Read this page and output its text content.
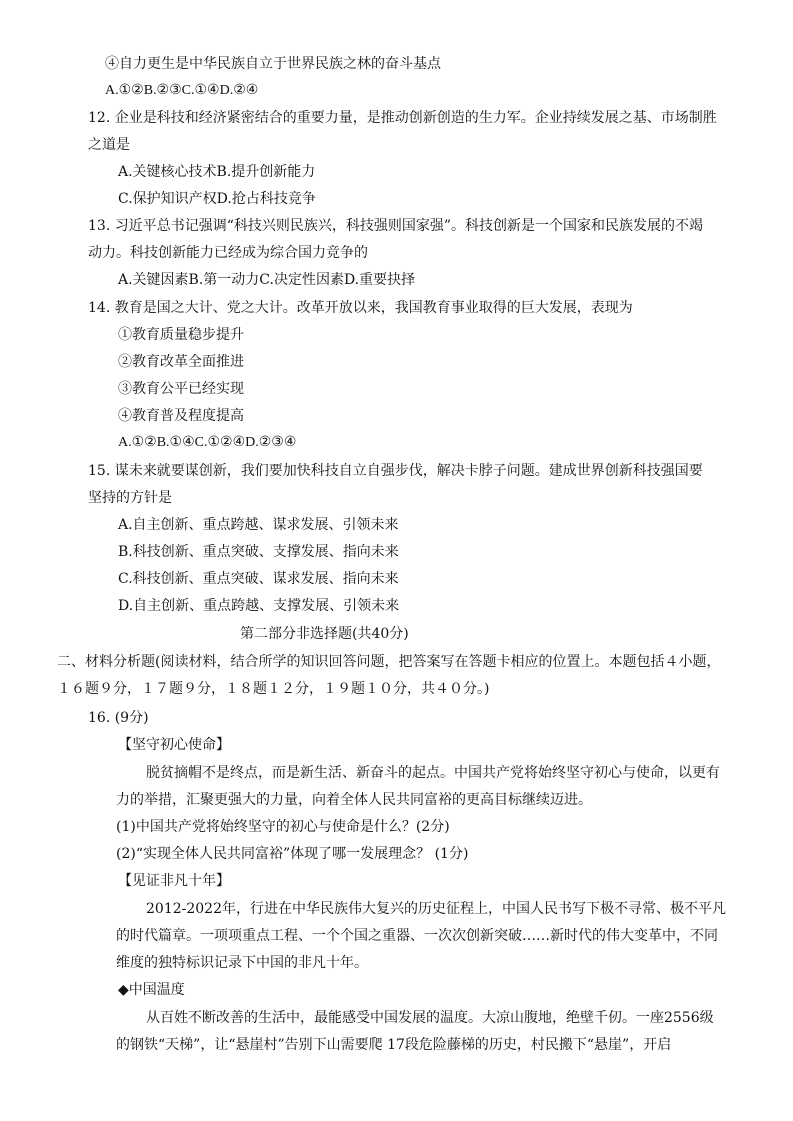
④自力更生是中华民族自立于世界民族之林的奋斗基点
A.①②B.②③C.①④D.②④
12. 企业是科技和经济紧密结合的重要力量，是推动创新创造的生力军。企业持续发展之基、市场制胜
之道是
A.关键核心技术B.提升创新能力
C.保护知识产权D.抢占科技竞争
13. 习近平总书记强调“科技兴则民族兴，科技强则国家强”。科技创新是一个国家和民族发展的不竭
动力。科技创新能力已经成为综合国力竞争的
A.关键因素B.第一动力C.决定性因素D.重要抉择
14. 教育是国之大计、党之大计。改革开放以来，我国教育事业取得的巨大发展，表现为
①教育质量稳步提升
②教育改革全面推进
③教育公平已经实现
④教育普及程度提高
A.①②B.①④C.①②④D.②③④
15. 谋未来就要谋创新，我们要加快科技自立自强步伐，解决卡脖子问题。建成世界创新科技强国要
坚持的方针是
A.自主创新、重点跨越、谋求发展、引领未来
B.科技创新、重点突破、支撑发展、指向未来
C.科技创新、重点突破、谋求发展、指向未来
D.自主创新、重点跨越、支撑发展、引领未来
第二部分非选择题(共40分)
二、材料分析题(阅读材料，结合所学的知识回答问题，把答案写在答题卡相应的位置上。本题包括４小题，
１６题９分，１７题９分，１８题１２分，１９题１０分，共４０分。)
16. (9分)
【坚守初心使命】
脱贫摘帽不是终点，而是新生活、新奋斗的起点。中国共产党将始终坚守初心与使命，以更有
力的举措，汇聚更强大的力量，向着全体人民共同富裕的更高目标继续迈进。
(1)中国共产党将始终坚守的初心与使命是什么？(2分)
(2)“实现全体人民共同富裕”体现了哪一发展理念？ (1分)
【见证非凡十年】
2012-2022年，行进在中华民族伟大复兴的历史征程上，中国人民书写下极不寻常、极不平凡
的时代篇章。一项项重点工程、一个个国之重器、一次次创新突破……新时代的伟大变革中，不同
维度的独特标识记录下中国的非凡十年。
◆中国温度
从百姓不断改善的生活中，最能感受中国发展的温度。大凉山腹地，绝壁千仞。一座2556级
的钢铁“天梯”，让“悬崖村”告别下山需要爬 17段危险藤梯的历史，村民搬下“悬崖”，开启
